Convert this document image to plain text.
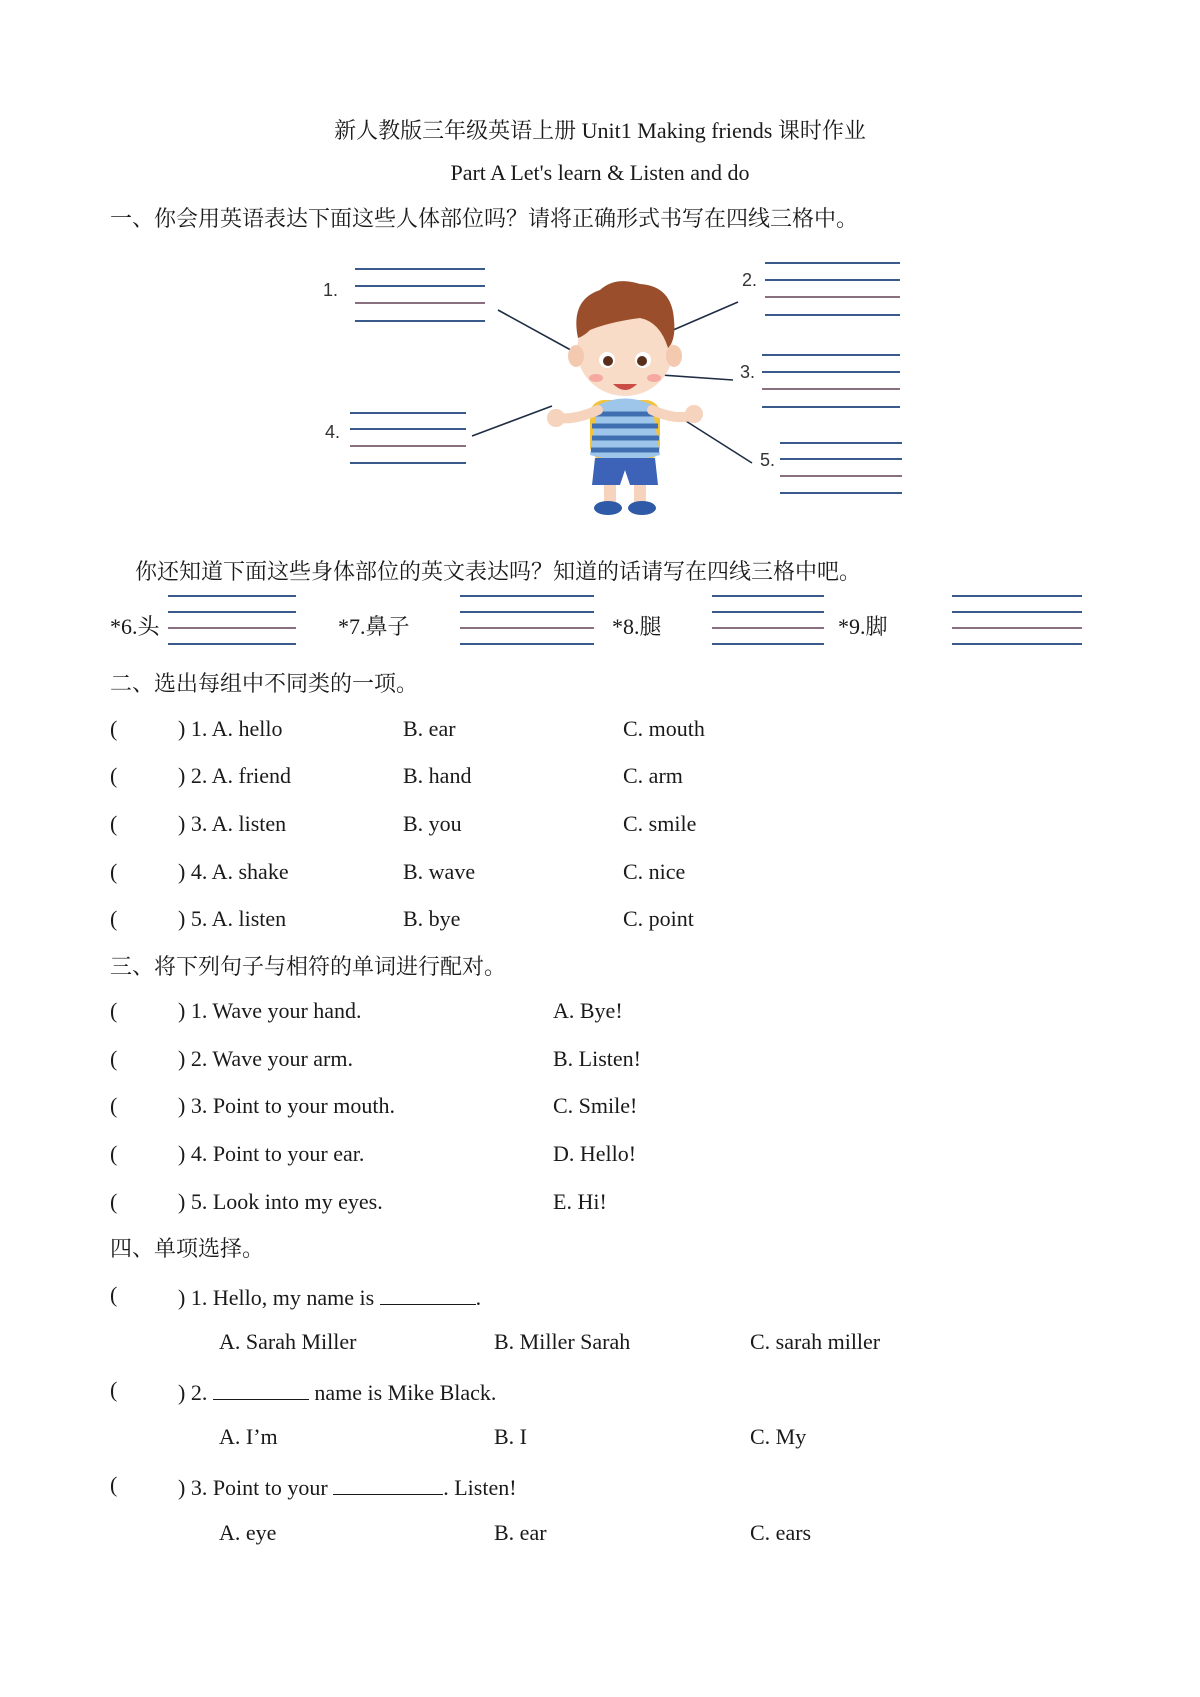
新人教版三年级英语上册 Unit1 Making friends 课时作业
Part A Let's learn & Listen and do
一、你会用英语表达下面这些人体部位吗？请将正确形式书写在四线三格中。
1.	2.
3.
4.
5.
你还知道下面这些身体部位的英文表达吗？知道的话请写在四线三格中吧。
*6.头	*7.鼻子	*8.腿	*9.脚
二、选出每组中不同类的一项。
(	) 1. A. hello	B. ear	C. mouth
(	) 2. A. friend	B. hand	C. arm
(	) 3. A. listen	B. you	C. smile
(	) 4. A. shake	B. wave	C. nice
(	) 5. A. listen	B. bye	C. point
三、将下列句子与相符的单词进行配对。
(	) 1. Wave your hand.	A. Bye!
(	) 2. Wave your arm.	B. Listen!
(	) 3. Point to your mouth.	C. Smile!
(	) 4. Point to your ear.	D. Hello!
(	) 5. Look into my eyes.	E. Hi!
四、单项选择。
(	) 1. Hello, my name is	.
A. Sarah Miller	B. Miller Sarah	C. sarah miller
(	) 2.	name is Mike Black.
A. I’m	B. I	C. My
(	) 3. Point to your	. Listen!
A. eye	B. ear	C. ears
